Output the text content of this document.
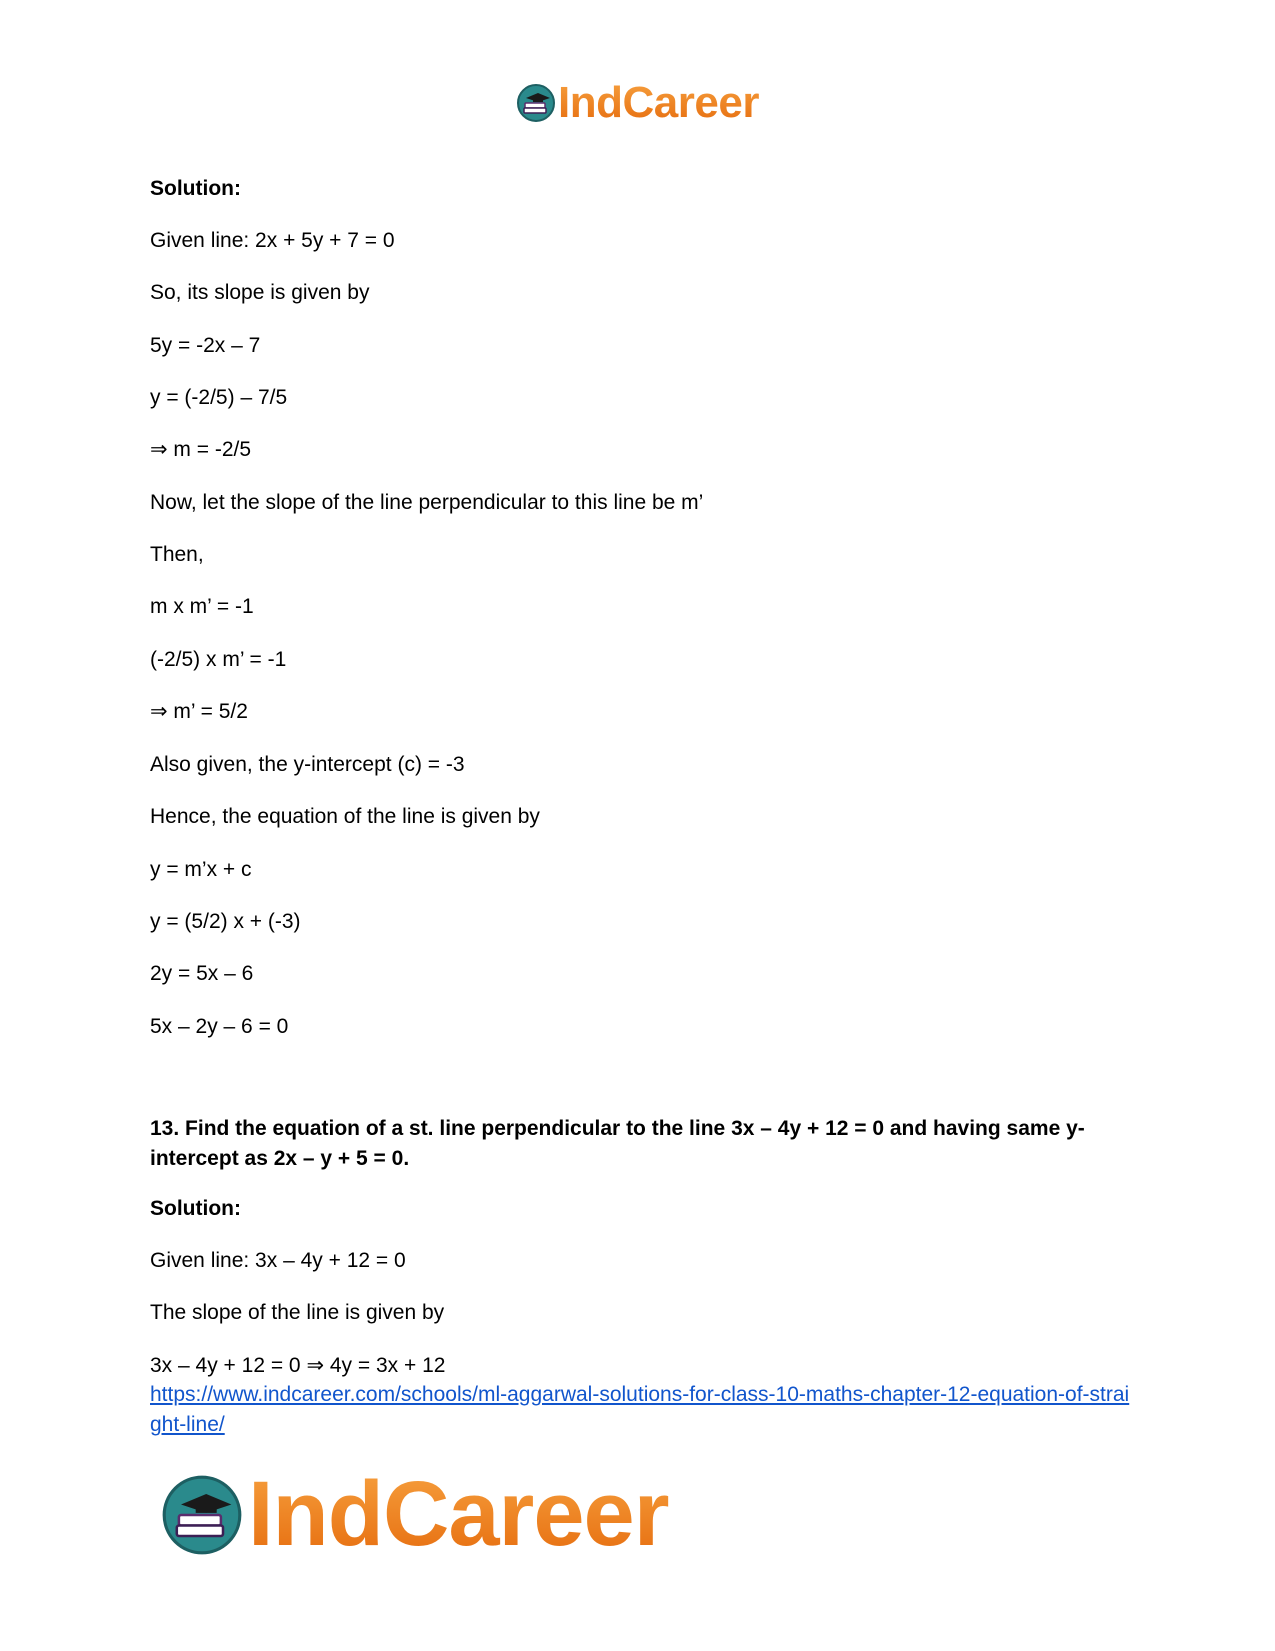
IndCareer
Solution:
Given line: 2x + 5y + 7 = 0
So, its slope is given by
5y = -2x – 7
y = (-2/5) – 7/5
⇒ m = -2/5
Now, let the slope of the line perpendicular to this line be m’
Then,
m x m’ = -1
(-2/5) x m’ = -1
⇒ m’ = 5/2
Also given, the y-intercept (c) = -3
Hence, the equation of the line is given by
y = m’x + c
y = (5/2) x + (-3)
2y = 5x – 6
5x – 2y – 6 = 0
13. Find the equation of a st. line perpendicular to the line 3x – 4y + 12 = 0 and having same y-intercept as 2x – y + 5 = 0.
Solution:
Given line: 3x – 4y + 12 = 0
The slope of the line is given by
3x – 4y + 12 = 0 ⇒ 4y = 3x + 12
https://www.indcareer.com/schools/ml-aggarwal-solutions-for-class-10-maths-chapter-12-equation-of-straight-line/
IndCareer
